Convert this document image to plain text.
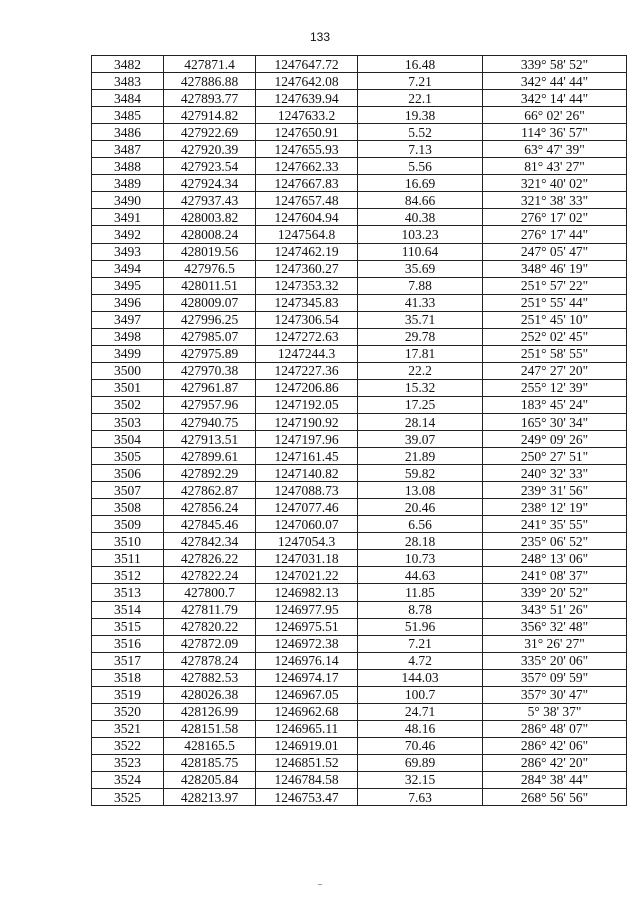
133
3482	427871.4	1247647.72	16.48	339° 58' 52"
3483	427886.88	1247642.08	7.21	342° 44' 44"
3484	427893.77	1247639.94	22.1	342° 14' 44"
3485	427914.82	1247633.2	19.38	66° 02' 26"
3486	427922.69	1247650.91	5.52	114° 36' 57"
3487	427920.39	1247655.93	7.13	63° 47' 39"
3488	427923.54	1247662.33	5.56	81° 43' 27"
3489	427924.34	1247667.83	16.69	321° 40' 02"
3490	427937.43	1247657.48	84.66	321° 38' 33"
3491	428003.82	1247604.94	40.38	276° 17' 02"
3492	428008.24	1247564.8	103.23	276° 17' 44"
3493	428019.56	1247462.19	110.64	247° 05' 47"
3494	427976.5	1247360.27	35.69	348° 46' 19"
3495	428011.51	1247353.32	7.88	251° 57' 22"
3496	428009.07	1247345.83	41.33	251° 55' 44"
3497	427996.25	1247306.54	35.71	251° 45' 10"
3498	427985.07	1247272.63	29.78	252° 02' 45"
3499	427975.89	1247244.3	17.81	251° 58' 55"
3500	427970.38	1247227.36	22.2	247° 27' 20"
3501	427961.87	1247206.86	15.32	255° 12' 39"
3502	427957.96	1247192.05	17.25	183° 45' 24"
3503	427940.75	1247190.92	28.14	165° 30' 34"
3504	427913.51	1247197.96	39.07	249° 09' 26"
3505	427899.61	1247161.45	21.89	250° 27' 51"
3506	427892.29	1247140.82	59.82	240° 32' 33"
3507	427862.87	1247088.73	13.08	239° 31' 56"
3508	427856.24	1247077.46	20.46	238° 12' 19"
3509	427845.46	1247060.07	6.56	241° 35' 55"
3510	427842.34	1247054.3	28.18	235° 06' 52"
3511	427826.22	1247031.18	10.73	248° 13' 06"
3512	427822.24	1247021.22	44.63	241° 08' 37"
3513	427800.7	1246982.13	11.85	339° 20' 52"
3514	427811.79	1246977.95	8.78	343° 51' 26"
3515	427820.22	1246975.51	51.96	356° 32' 48"
3516	427872.09	1246972.38	7.21	31° 26' 27"
3517	427878.24	1246976.14	4.72	335° 20' 06"
3518	427882.53	1246974.17	144.03	357° 09' 59"
3519	428026.38	1246967.05	100.7	357° 30' 47"
3520	428126.99	1246962.68	24.71	5° 38' 37"
3521	428151.58	1246965.11	48.16	286° 48' 07"
3522	428165.5	1246919.01	70.46	286° 42' 06"
3523	428185.75	1246851.52	69.89	286° 42' 20"
3524	428205.84	1246784.58	32.15	284° 38' 44"
3525	428213.97	1246753.47	7.63	268° 56' 56"
